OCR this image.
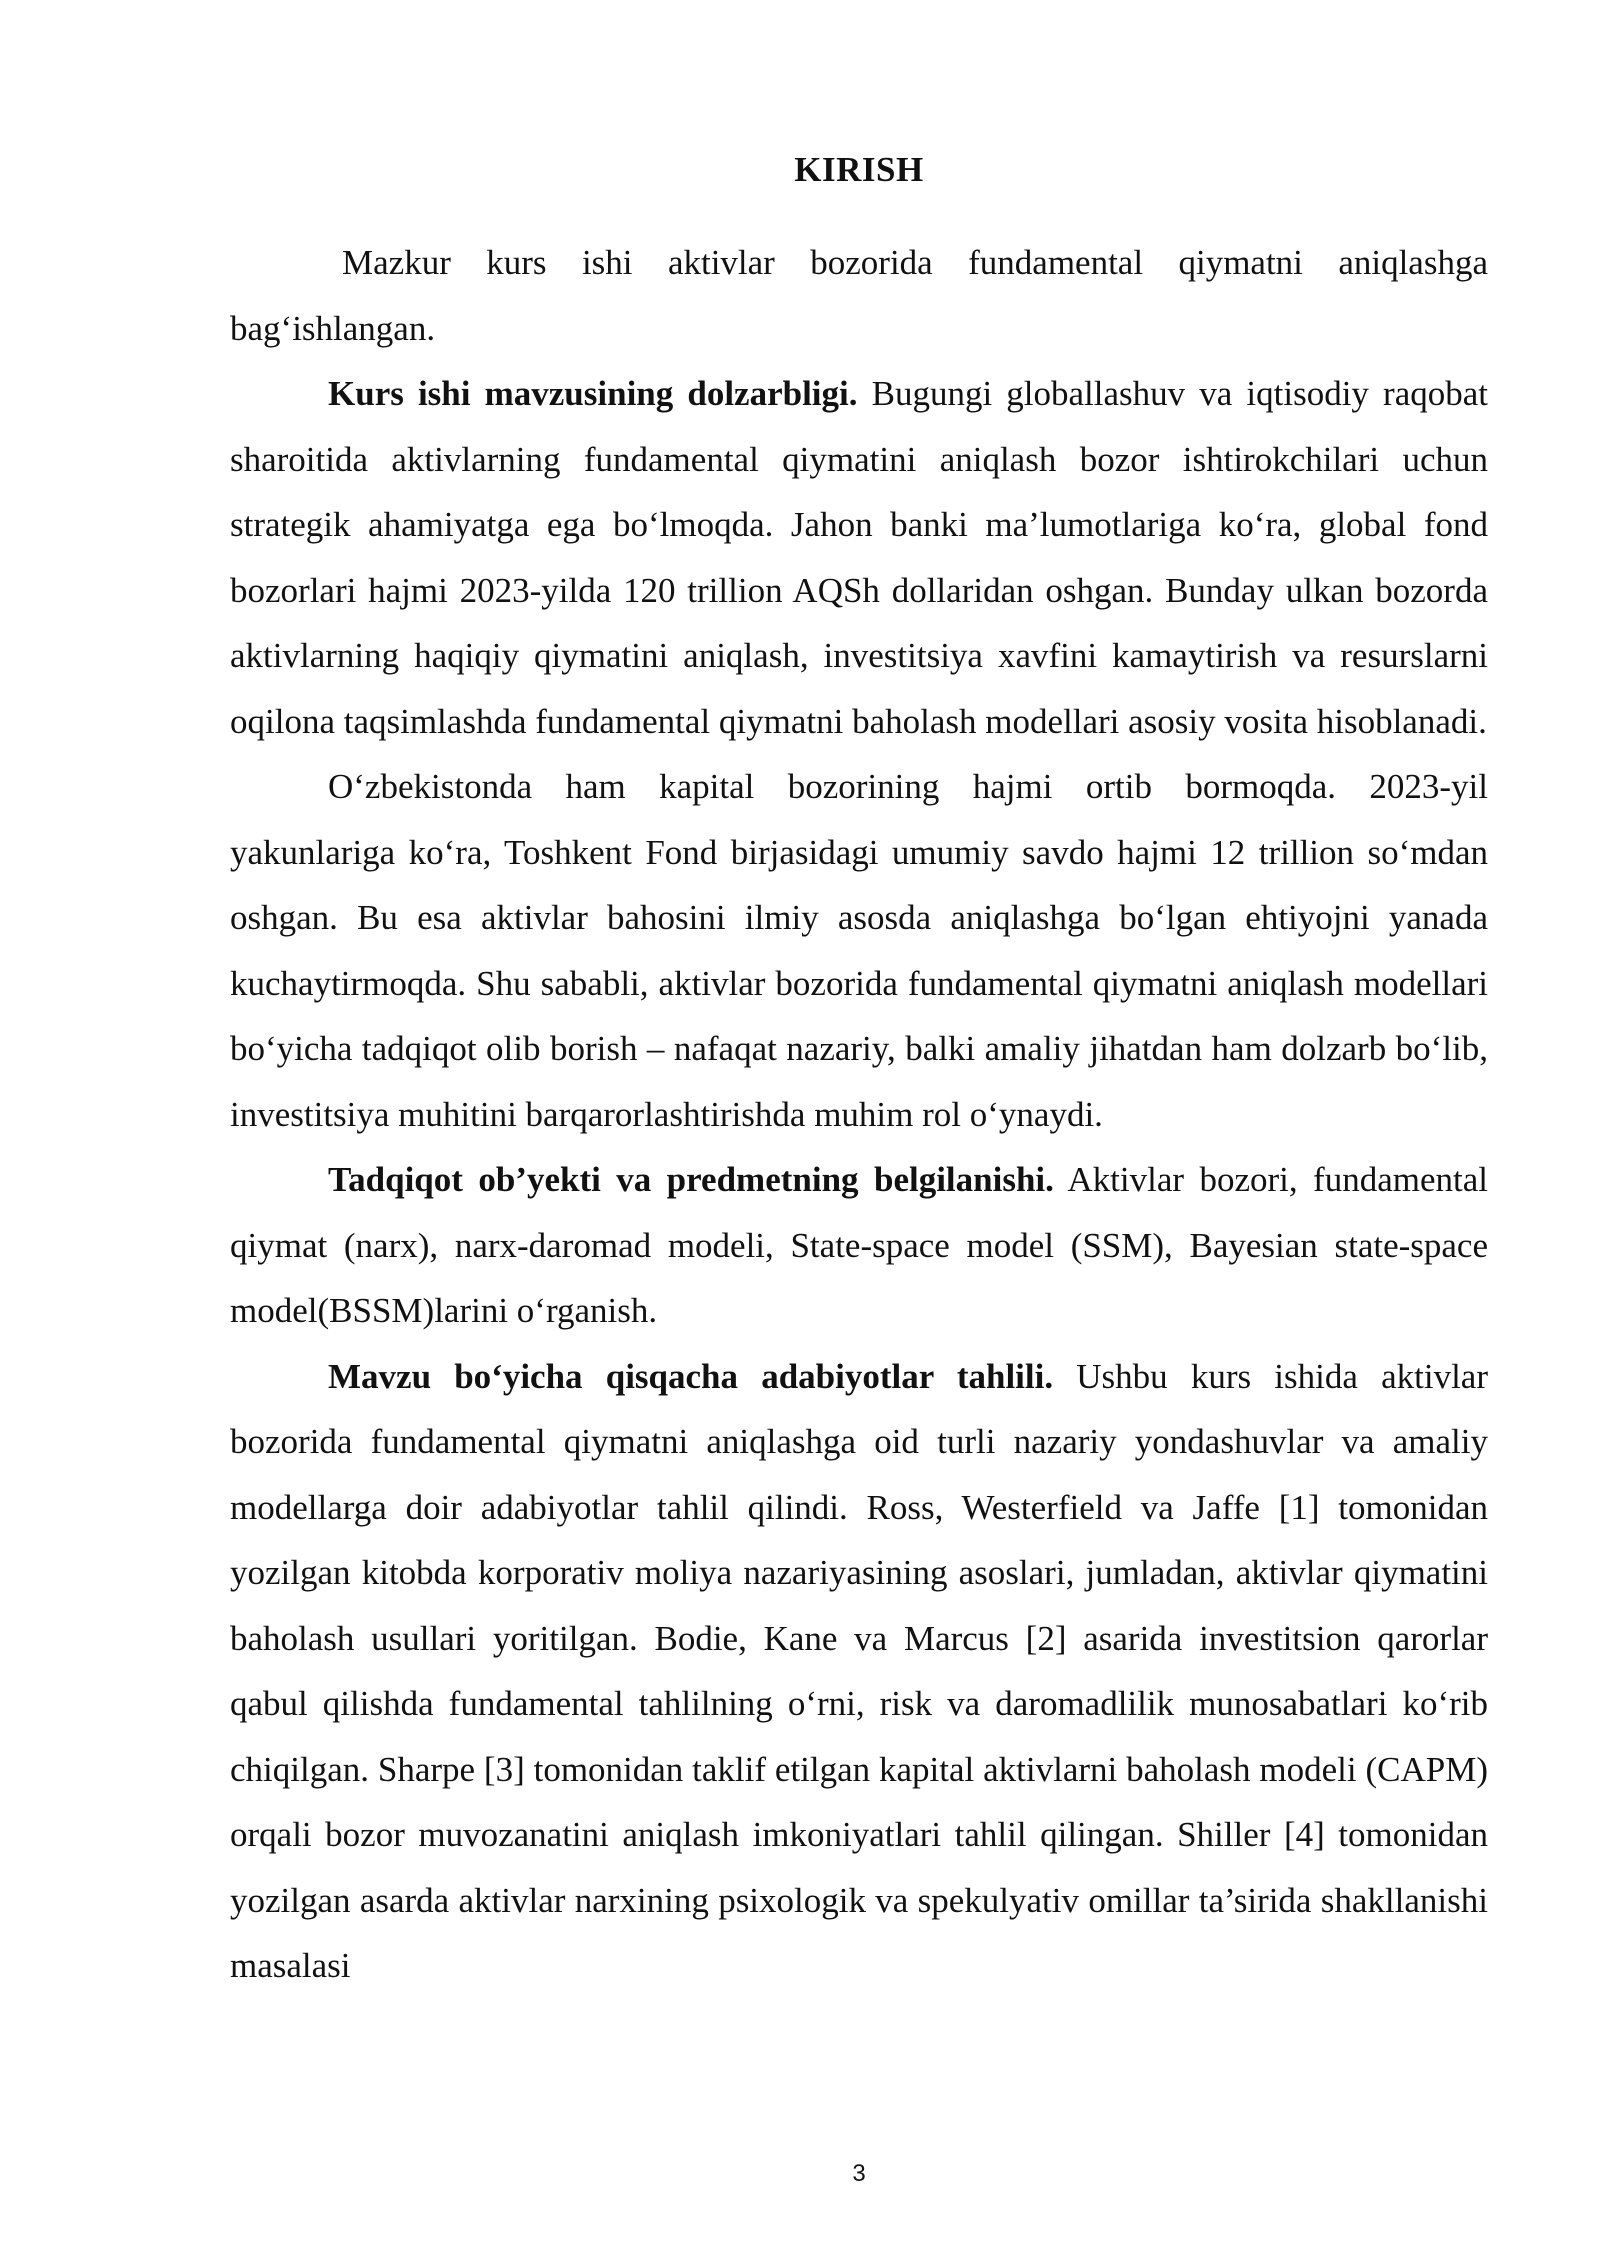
KIRISH

Mazkur kurs ishi aktivlar bozorida fundamental qiymatni aniqlashga bag‘ishlangan.

Kurs ishi mavzusining dolzarbligi. Bugungi globallashuv va iqtisodiy raqobat sharoitida aktivlarning fundamental qiymatini aniqlash bozor ishtirokchilari uchun strategik ahamiyatga ega bo‘lmoqda. Jahon banki ma’lumotlariga ko‘ra, global fond bozorlari hajmi 2023-yilda 120 trillion AQSh dollaridan oshgan. Bunday ulkan bozorda aktivlarning haqiqiy qiymatini aniqlash, investitsiya xavfini kamaytirish va resurslarni oqilona taqsimlashda fundamental qiymatni baholash modellari asosiy vosita hisoblanadi.

O‘zbekistonda ham kapital bozorining hajmi ortib bormoqda. 2023-yil yakunlariga ko‘ra, Toshkent Fond birjasidagi umumiy savdo hajmi 12 trillion so‘mdan oshgan. Bu esa aktivlar bahosini ilmiy asosda aniqlashga bo‘lgan ehtiyojni yanada kuchaytirmoqda. Shu sababli, aktivlar bozorida fundamental qiymatni aniqlash modellari bo‘yicha tadqiqot olib borish – nafaqat nazariy, balki amaliy jihatdan ham dolzarb bo‘lib, investitsiya muhitini barqarorlashtirishda muhim rol o‘ynaydi.

Tadqiqot ob’yekti va predmetning belgilanishi. Aktivlar bozori, fundamental qiymat (narx), narx-daromad modeli, State-space model (SSM), Bayesian state-space model(BSSM)larini o‘rganish.

Mavzu bo‘yicha qisqacha adabiyotlar tahlili. Ushbu kurs ishida aktivlar bozorida fundamental qiymatni aniqlashga oid turli nazariy yondashuvlar va amaliy modellarga doir adabiyotlar tahlil qilindi. Ross, Westerfield va Jaffe [1] tomonidan yozilgan kitobda korporativ moliya nazariyasining asoslari, jumladan, aktivlar qiymatini baholash usullari yoritilgan. Bodie, Kane va Marcus [2] asarida investitsion qarorlar qabul qilishda fundamental tahlilning o‘rni, risk va daromadlilik munosabatlari ko‘rib chiqilgan. Sharpe [3] tomonidan taklif etilgan kapital aktivlarni baholash modeli (CAPM) orqali bozor muvozanatini aniqlash imkoniyatlari tahlil qilingan. Shiller [4] tomonidan yozilgan asarda aktivlar narxining psixologik va spekulyativ omillar ta’sirida shakllanishi masalasi

3
